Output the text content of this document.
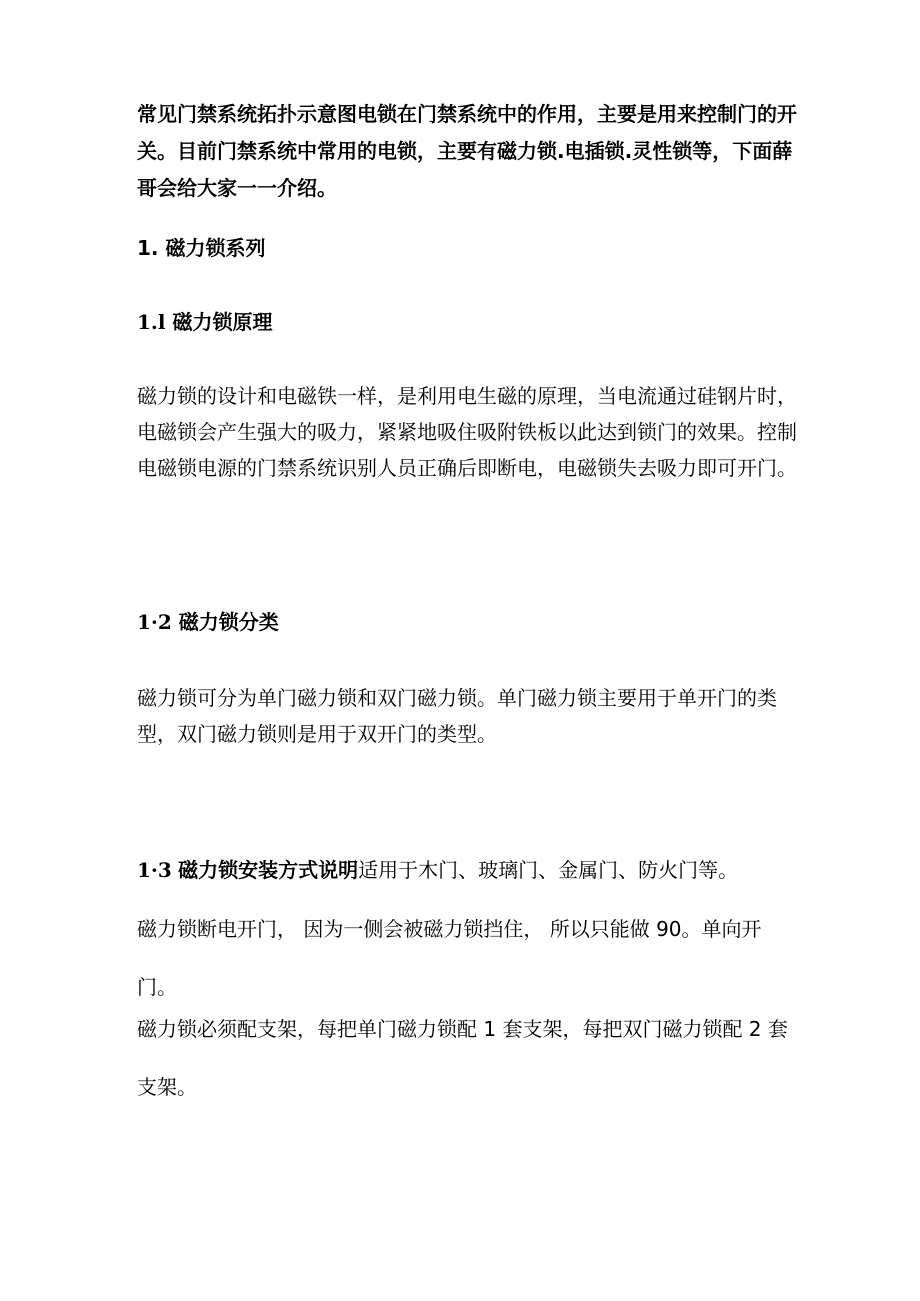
常见门禁系统拓扑示意图电锁在门禁系统中的作用，主要是用来控制门的开关。目前门禁系统中常用的电锁，主要有磁力锁.电插锁.灵性锁等，下面薛哥会给大家一一介绍。
1. 磁力锁系列
1.l 磁力锁原理
磁力锁的设计和电磁铁一样，是利用电生磁的原理，当电流通过硅钢片时，电磁锁会产生强大的吸力，紧紧地吸住吸附铁板以此达到锁门的效果。控制电磁锁电源的门禁系统识别人员正确后即断电，电磁锁失去吸力即可开门。
1·2 磁力锁分类
磁力锁可分为单门磁力锁和双门磁力锁。单门磁力锁主要用于单开门的类型，双门磁力锁则是用于双开门的类型。
1·3 磁力锁安装方式说明适用于木门、玻璃门、金属门、防火门等。
磁力锁断电开门， 因为一侧会被磁力锁挡住， 所以只能做 90。单向开门。
磁力锁必须配支架，每把单门磁力锁配 1 套支架，每把双门磁力锁配 2 套支架。
